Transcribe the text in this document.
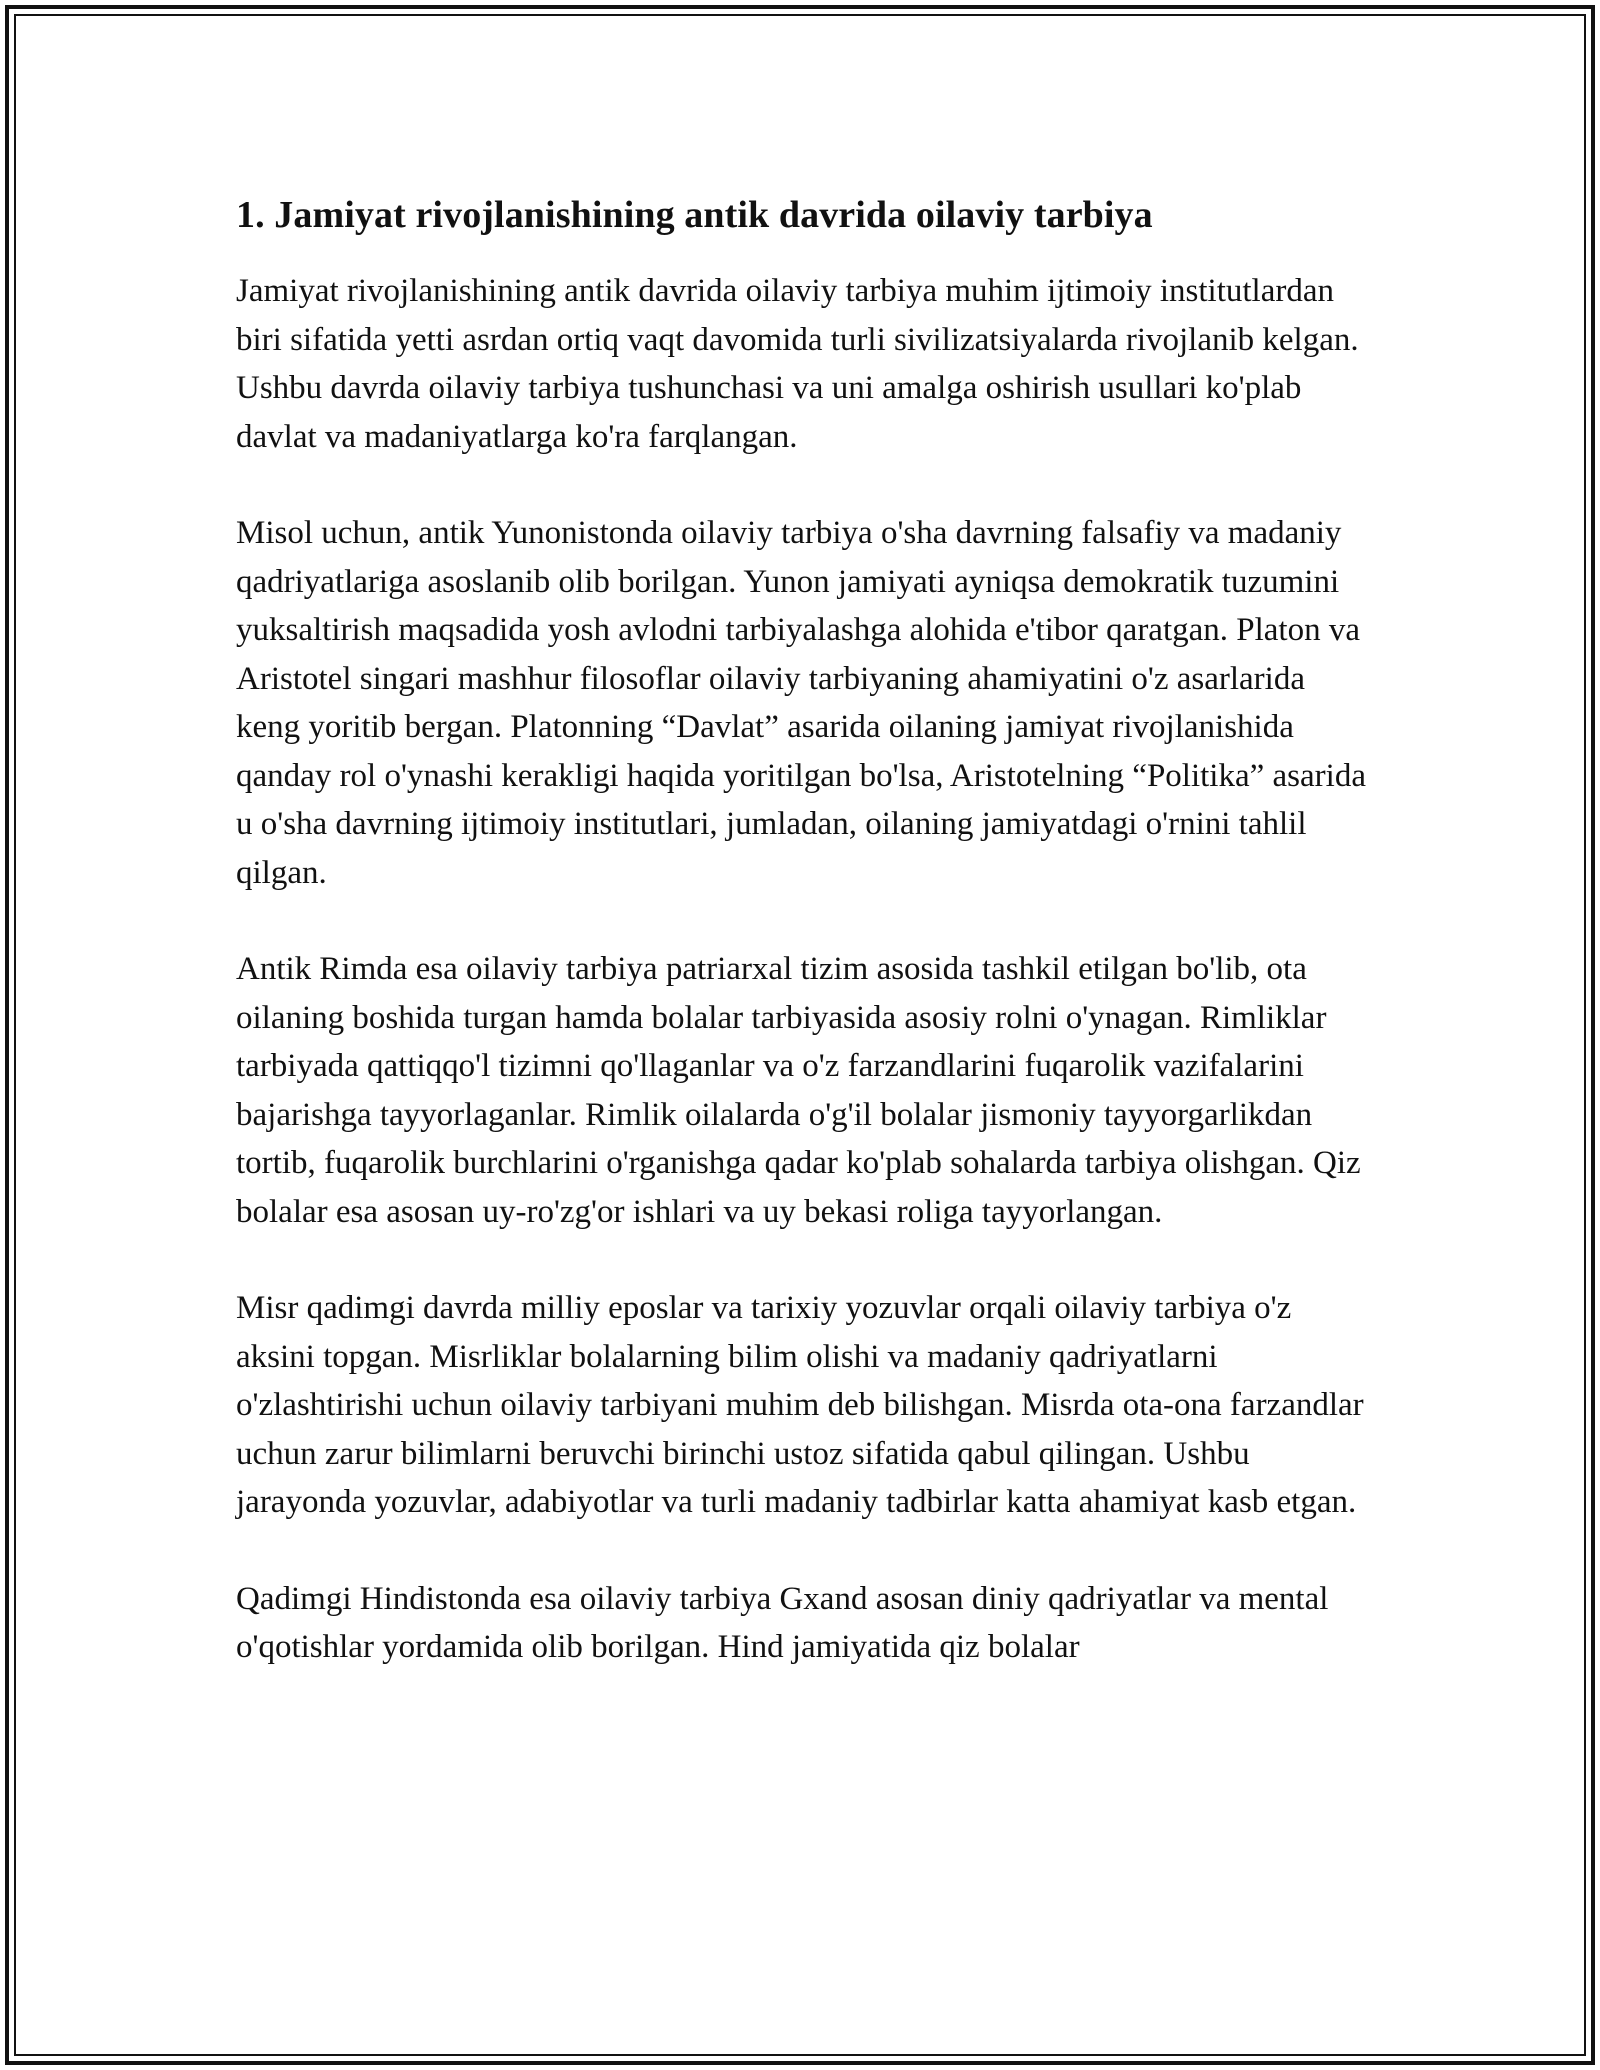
1. Jamiyat rivojlanishining antik davrida oilaviy tarbiya

Jamiyat rivojlanishining antik davrida oilaviy tarbiya muhim ijtimoiy institutlardan biri sifatida yetti asrdan ortiq vaqt davomida turli sivilizatsiyalarda rivojlanib kelgan. Ushbu davrda oilaviy tarbiya tushunchasi va uni amalga oshirish usullari ko'plab davlat va madaniyatlarga ko'ra farqlangan.

Misol uchun, antik Yunonistonda oilaviy tarbiya o'sha davrning falsafiy va madaniy qadriyatlariga asoslanib olib borilgan. Yunon jamiyati ayniqsa demokratik tuzumini yuksaltirish maqsadida yosh avlodni tarbiyalashga alohida e'tibor qaratgan. Platon va Aristotel singari mashhur filosoflar oilaviy tarbiyaning ahamiyatini o'z asarlarida keng yoritib bergan. Platonning “Davlat” asarida oilaning jamiyat rivojlanishida qanday rol o'ynashi kerakligi haqida yoritilgan bo'lsa, Aristotelning “Politika” asarida u o'sha davrning ijtimoiy institutlari, jumladan, oilaning jamiyatdagi o'rnini tahlil qilgan.

Antik Rimda esa oilaviy tarbiya patriarxal tizim asosida tashkil etilgan bo'lib, ota oilaning boshida turgan hamda bolalar tarbiyasida asosiy rolni o'ynagan. Rimliklar tarbiyada qattiqqo'l tizimni qo'llaganlar va o'z farzandlarini fuqarolik vazifalarini bajarishga tayyorlaganlar. Rimlik oilalarda o'g'il bolalar jismoniy tayyorgarlikdan tortib, fuqarolik burchlarini o'rganishga qadar ko'plab sohalarda tarbiya olishgan. Qiz bolalar esa asosan uy-ro'zg'or ishlari va uy bekasi roliga tayyorlangan.

Misr qadimgi davrda milliy eposlar va tarixiy yozuvlar orqali oilaviy tarbiya o'z aksini topgan. Misrliklar bolalarning bilim olishi va madaniy qadriyatlarni o'zlashtirishi uchun oilaviy tarbiyani muhim deb bilishgan. Misrda ota-ona farzandlar uchun zarur bilimlarni beruvchi birinchi ustoz sifatida qabul qilingan. Ushbu jarayonda yozuvlar, adabiyotlar va turli madaniy tadbirlar katta ahamiyat kasb etgan.

Qadimgi Hindistonda esa oilaviy tarbiya Gxand asosan diniy qadriyatlar va mental o'qotishlar yordamida olib borilgan. Hind jamiyatida qiz bolalar
